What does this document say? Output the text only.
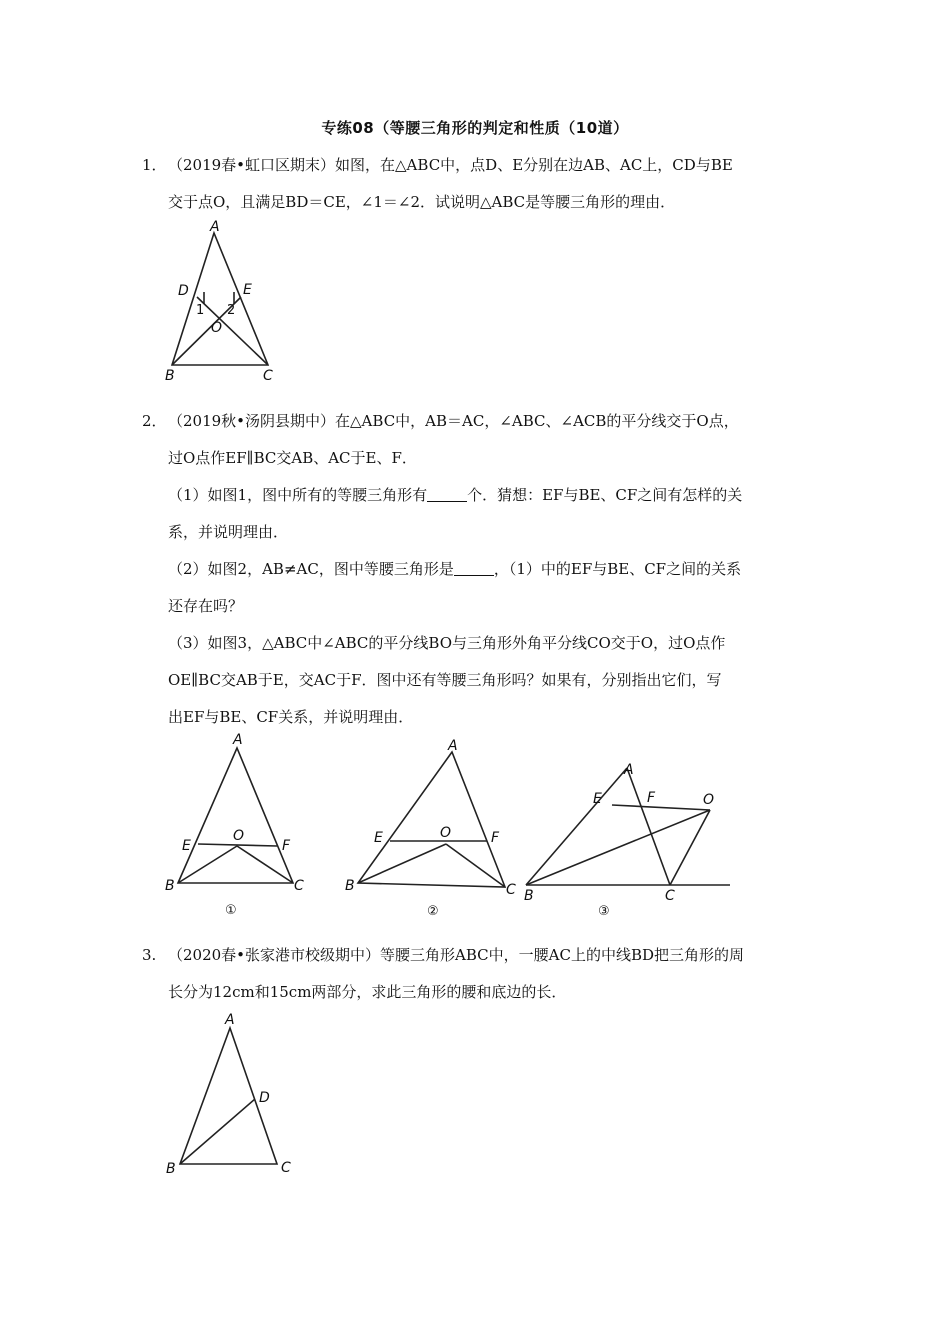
专练08（等腰三角形的判定和性质（10道）
1． （2019春•虹口区期末）如图，在△ABC中，点D、E分别在边AB、AC上，CD与BE
交于点O，且满足BD＝CE，∠1＝∠2．试说明△ABC是等腰三角形的理由．
A
D	E
1 2
O
B	C
2． （2019秋•汤阴县期中）在△ABC中，AB＝AC，∠ABC、∠ACB的平分线交于O点，
过O点作EF∥BC交AB、AC于E、F．
（1）如图1，图中所有的等腰三角形有	个．猜想：EF与BE、CF之间有怎样的关
系，并说明理由．
（2）如图2，AB≠AC，图中等腰三角形是	，（1）中的EF与BE、CF之间的关系
还存在吗？
（3）如图3，△ABC中∠ABC的平分线BO与三角形外角平分线CO交于O，过O点作
OE∥BC交AB于E，交AC于F．图中还有等腰三角形吗？如果有，分别指出它们，写
出EF与BE、CF关系，并说明理由．
A
E
O
F
B	C
①
A
E	O	F
B	C
②
A
E	F	O
B	C
③
3. （2020春•张家港市校级期中）等腰三角形ABC中，一腰AC上的中线BD把三角形的周
长分为12cm和15cm两部分，求此三角形的腰和底边的长．
A
D
B	C
